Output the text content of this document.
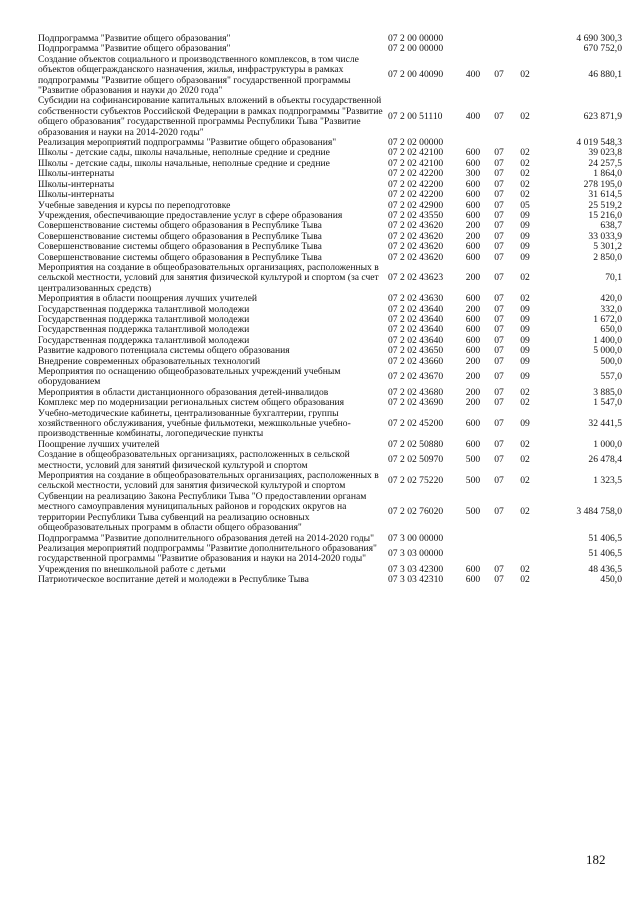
Подпрограмма "Развитие общего образования"	07 2 00 00000				4 690 300,3
Подпрограмма "Развитие общего образования"	07 2 00 00000				670 752,0
Создание объектов социального и производственного комплексов, в том числе объектов общегражданского назначения, жилья, инфраструктуры в рамках подпрограммы "Развитие общего образования" государственной программы "Развитие образования и науки до 2020 года"	07 2 00 40090	400	07	02	46 880,1
Субсидии на софинансирование капитальных вложений в объекты государственной собственности субъектов Российской Федерации в рамках подпрограммы "Развитие общего образования" государственной программы Республики Тыва "Развитие образования и науки на 2014-2020 годы"	07 2 00 51110	400	07	02	623 871,9
Реализация мероприятий подпрограммы "Развитие общего образования"	07 2 02 00000				4 019 548,3
Школы - детские сады, школы начальные, неполные средние и средние	07 2 02 42100	600	07	02	39 023,8
Школы - детские сады, школы начальные, неполные средние и средние	07 2 02 42100	600	07	02	24 257,5
Школы-интернаты	07 2 02 42200	300	07	02	1 864,0
Школы-интернаты	07 2 02 42200	600	07	02	278 195,0
Школы-интернаты	07 2 02 42200	600	07	02	31 614,5
Учебные заведения и курсы по переподготовке	07 2 02 42900	600	07	05	25 519,2
Учреждения, обеспечивающие предоставление услуг в сфере образования	07 2 02 43550	600	07	09	15 216,0
Совершенствование системы общего образования в Республике Тыва	07 2 02 43620	200	07	09	638,7
Совершенствование системы общего образования в Республике Тыва	07 2 02 43620	200	07	09	33 033,9
Совершенствование системы общего образования в Республике Тыва	07 2 02 43620	600	07	09	5 301,2
Совершенствование системы общего образования в Республике Тыва	07 2 02 43620	600	07	09	2 850,0
Мероприятия на создание в общеобразовательных организациях, расположенных в сельской местности, условий для занятия физической культурой и спортом (за счет централизованных средств)	07 2 02 43623	200	07	02	70,1
Мероприятия в области поощрения лучших учителей	07 2 02 43630	600	07	02	420,0
Государственная поддержка талантливой молодежи	07 2 02 43640	200	07	09	332,0
Государственная поддержка талантливой молодежи	07 2 02 43640	600	07	09	1 672,0
Государственная поддержка талантливой молодежи	07 2 02 43640	600	07	09	650,0
Государственная поддержка талантливой молодежи	07 2 02 43640	600	07	09	1 400,0
Развитие кадрового потенциала системы общего образования	07 2 02 43650	600	07	09	5 000,0
Внедрение современных образовательных технологий	07 2 02 43660	200	07	09	500,0
Мероприятия по оснащению общеобразовательных учреждений учебным оборудованием	07 2 02 43670	200	07	09	557,0
Мероприятия в области дистанционного образования детей-инвалидов	07 2 02 43680	200	07	02	3 885,0
Комплекс мер по модернизации региональных систем общего образования	07 2 02 43690	200	07	02	1 547,0
Учебно-методические кабинеты, централизованные бухгалтерии, группы хозяйственного обслуживания, учебные фильмотеки, межшкольные учебно-производственные комбинаты, логопедические пункты	07 2 02 45200	600	07	09	32 441,5
Поощрение лучших учителей	07 2 02 50880	600	07	02	1 000,0
Создание в общеобразовательных организациях, расположенных в сельской местности, условий для занятий физической культурой и спортом	07 2 02 50970	500	07	02	26 478,4
Мероприятия на создание в общеобразовательных организациях, расположенных в сельской местности, условий для занятия физической культурой и спортом	07 2 02 75220	500	07	02	1 323,5
Субвенции на реализацию Закона Республики Тыва "О предоставлении органам местного самоуправления муниципальных районов и городских округов на территории Республики Тыва субвенций на реализацию основных общеобразовательных программ в области общего образования"	07 2 02 76020	500	07	02	3 484 758,0
Подпрограмма "Развитие дополнительного образования детей на 2014-2020 годы"	07 3 00 00000				51 406,5
Реализация мероприятий подпрограммы "Развитие дополнительного образования" государственной программы "Развитие образования и науки на 2014-2020 годы"	07 3 03 00000				51 406,5
Учреждения по внешкольной работе с детьми	07 3 03 42300	600	07	02	48 436,5
Патриотическое воспитание детей и молодежи в Республике Тыва	07 3 03 42310	600	07	02	450,0
182
